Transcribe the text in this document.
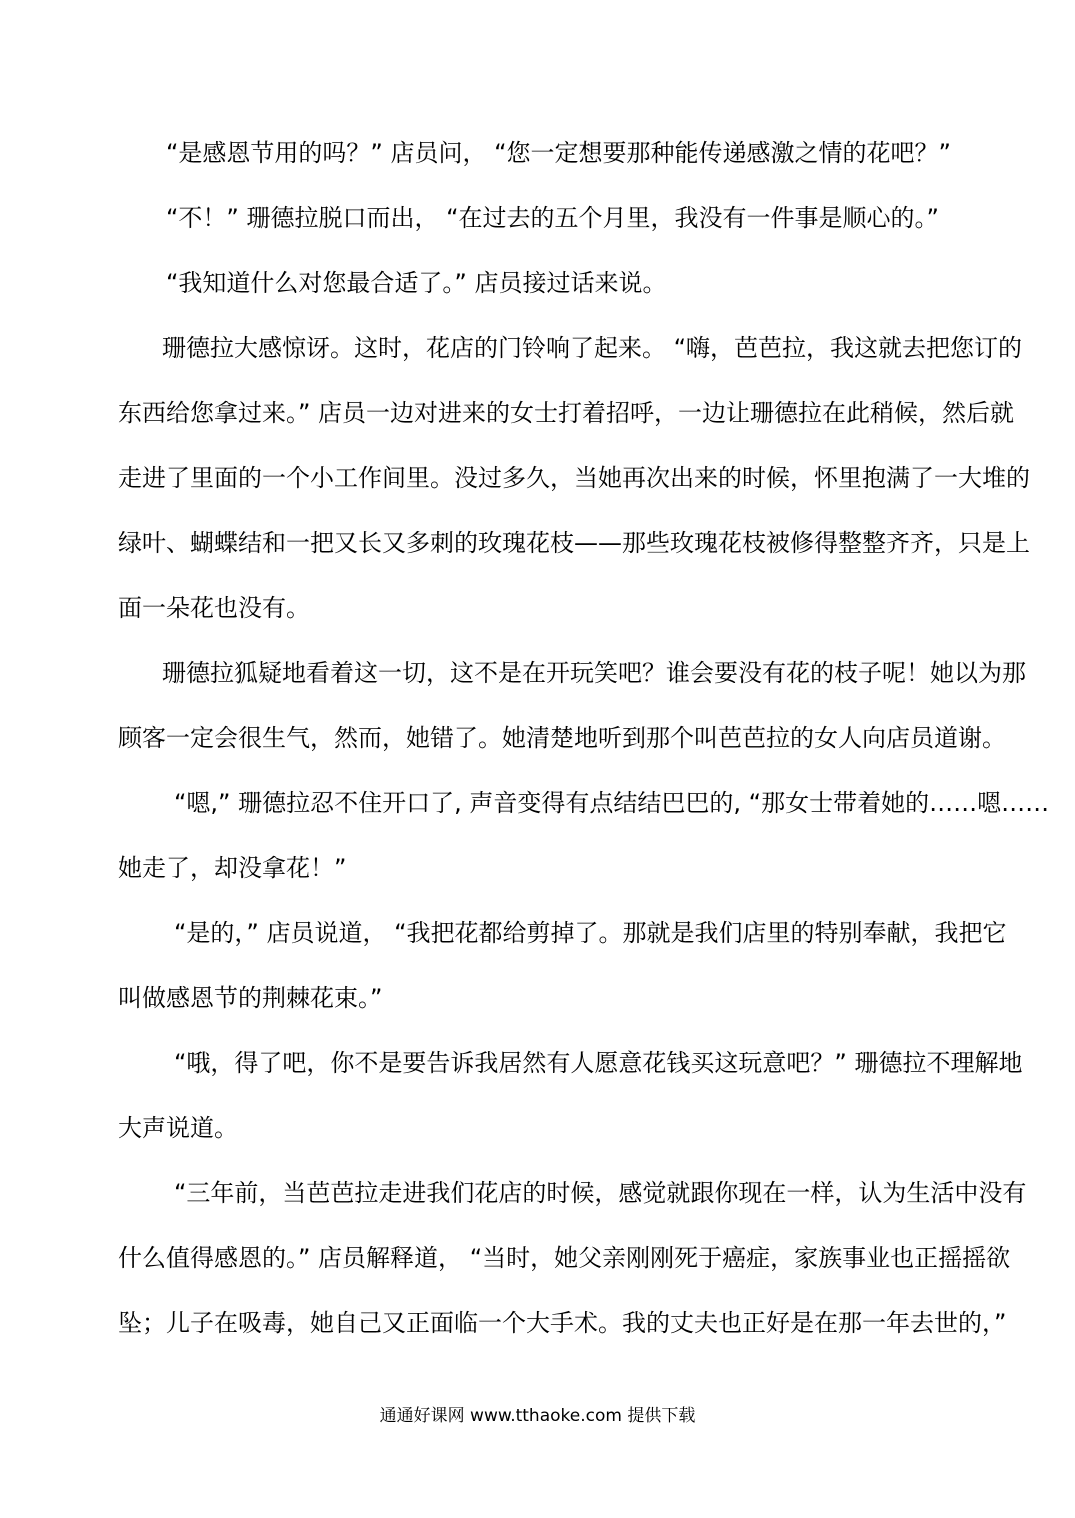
“是感恩节用的吗？” 店员问， “您一定想要那种能传递感激之情的花吧？”
“不！” 珊德拉脱口而出， “在过去的五个月里，我没有一件事是顺心的。”
“我知道什么对您最合适了。” 店员接过话来说。
珊德拉大感惊讶。这时，花店的门铃响了起来。 “嗨，芭芭拉，我这就去把您订的
东西给您拿过来。” 店员一边对进来的女士打着招呼，一边让珊德拉在此稍候，然后就
走进了里面的一个小工作间里。没过多久，当她再次出来的时候，怀里抱满了一大堆的
绿叶、蝴蝶结和一把又长又多刺的玫瑰花枝——那些玫瑰花枝被修得整整齐齐，只是上
面一朵花也没有。
珊德拉狐疑地看着这一切，这不是在开玩笑吧？谁会要没有花的枝子呢！她以为那
顾客一定会很生气，然而，她错了。她清楚地听到那个叫芭芭拉的女人向店员道谢。
“嗯,” 珊德拉忍不住开口了, 声音变得有点结结巴巴的, “那女士带着她的……嗯……
她走了，却没拿花！”
“是的，” 店员说道， “我把花都给剪掉了。那就是我们店里的特别奉献，我把它
叫做感恩节的荆棘花束。”
“哦，得了吧，你不是要告诉我居然有人愿意花钱买这玩意吧？” 珊德拉不理解地
大声说道。
“三年前，当芭芭拉走进我们花店的时候，感觉就跟你现在一样，认为生活中没有
什么值得感恩的。” 店员解释道， “当时，她父亲刚刚死于癌症，家族事业也正摇摇欲
坠；儿子在吸毒，她自己又正面临一个大手术。我的丈夫也正好是在那一年去世的，”
通通好课网 www.tthaoke.com 提供下载
